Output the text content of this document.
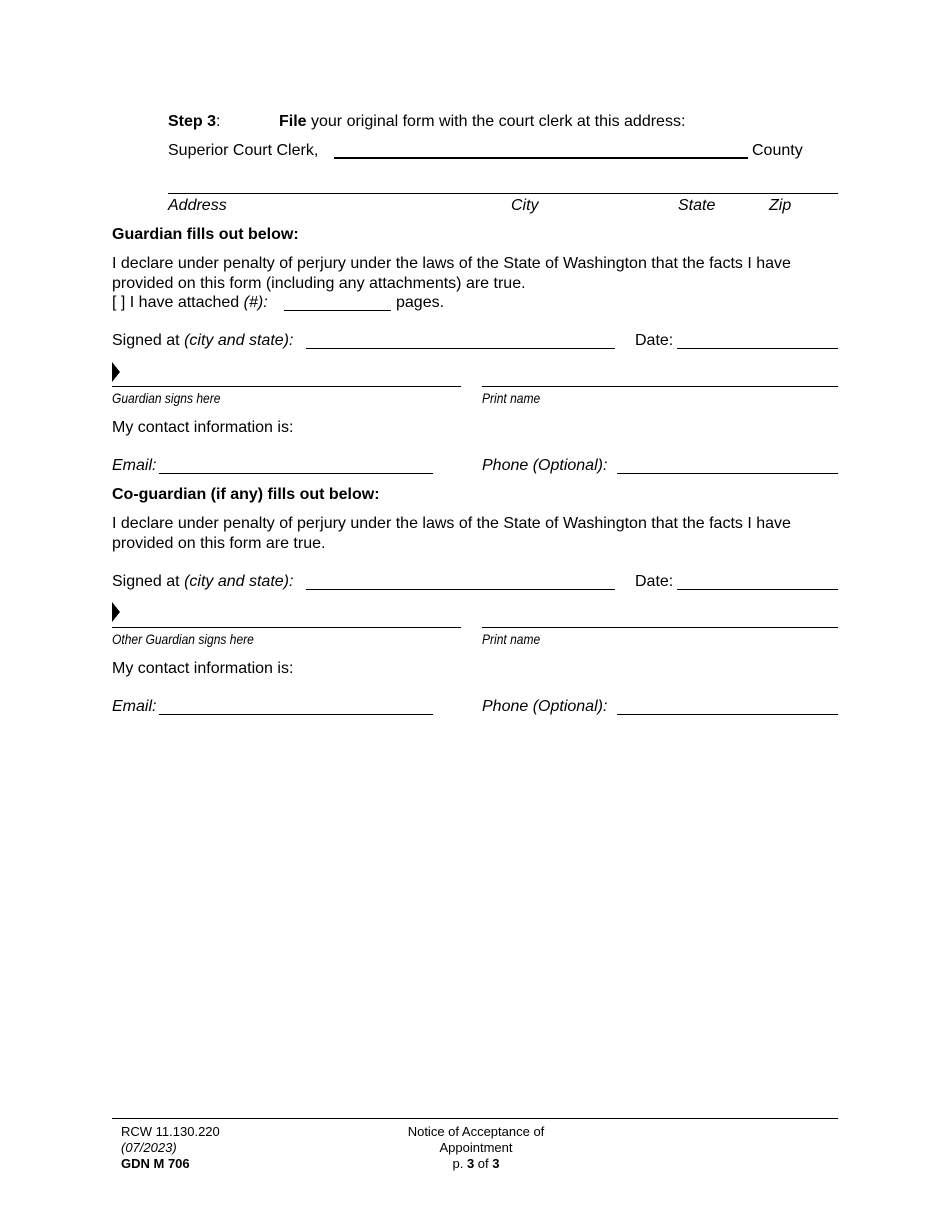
Step 3:	File your original form with the court clerk at this address:
Superior Court Clerk,	County
Address	City	State	Zip
Guardian fills out below:
I declare under penalty of perjury under the laws of the State of Washington that the facts I have provided on this form (including any attachments) are true.
[ ] I have attached (#):	pages.
Signed at (city and state):	Date:
Guardian signs here	Print name
My contact information is:
Email:	Phone (Optional):
Co-guardian (if any) fills out below:
I declare under penalty of perjury under the laws of the State of Washington that the facts I have provided on this form are true.
Signed at (city and state):	Date:
Other Guardian signs here	Print name
My contact information is:
Email:	Phone (Optional):
RCW 11.130.220
(07/2023)
GDN M 706
Notice of Acceptance of
Appointment
p. 3 of 3
